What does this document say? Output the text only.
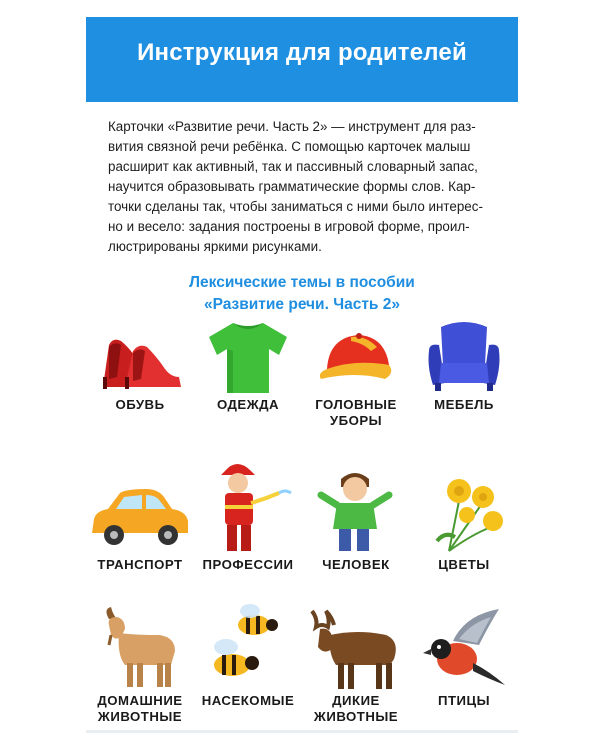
Инструкция для родителей

Карточки «Развитие речи. Часть 2» — инструмент для раз-
вития связной речи ребёнка. С помощью карточек малыш
расширит как активный, так и пассивный словарный запас,
научится образовывать грамматические формы слов. Кар-
точки сделаны так, чтобы заниматься с ними было интерес-
но и весело: задания построены в игровой форме, проил-
люстрированы яркими рисунками.

Лексические темы в пособии
«Развитие речи. Часть 2»
ОБУВЬ	ОДЕЖДА	ГОЛОВНЫЕ
УБОРЫ
МЕБЕЛЬ
ТРАНСПОРТ	ПРОФЕССИИ	ЧЕЛОВЕК	ЦВЕТЫ
ДОМАШНИЕ
ЖИВОТНЫЕ
НАСЕКОМЫЕ	ДИКИЕ
ЖИВОТНЫЕ
ПТИЦЫ
